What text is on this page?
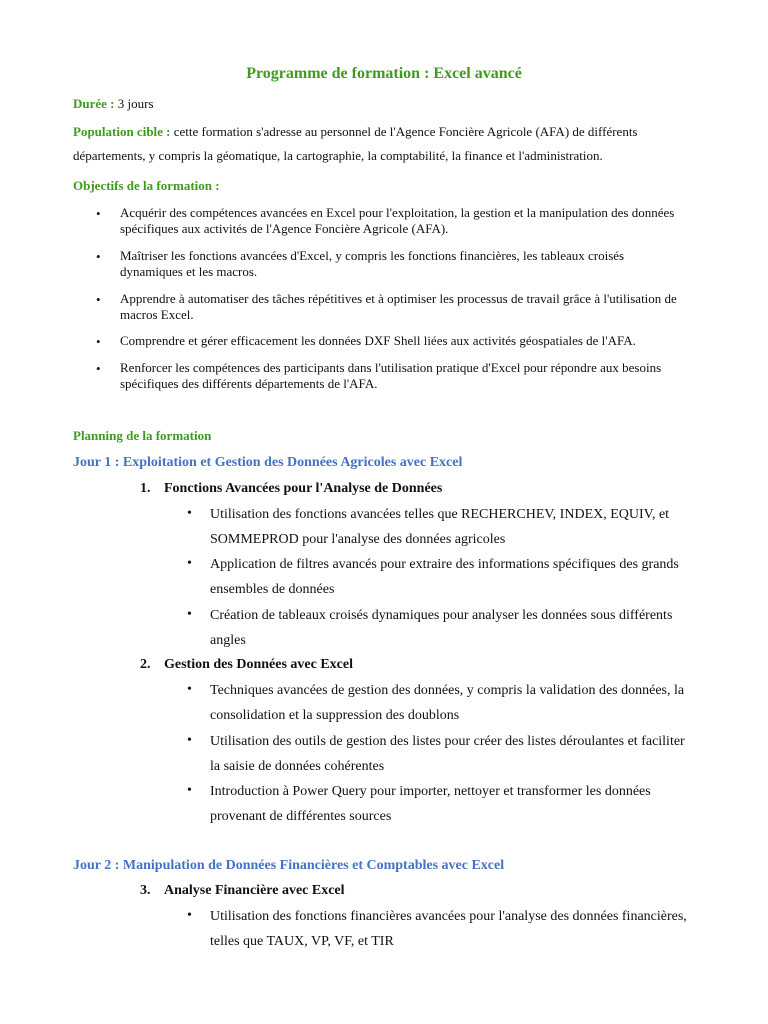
Programme de formation : Excel avancé
Durée : 3 jours
Population cible : cette formation s'adresse au personnel de l'Agence Foncière Agricole (AFA) de différents départements, y compris la géomatique, la cartographie, la comptabilité, la finance et l'administration.
Objectifs de la formation :
• Acquérir des compétences avancées en Excel pour l'exploitation, la gestion et la manipulation des données spécifiques aux activités de l'Agence Foncière Agricole (AFA).
• Maîtriser les fonctions avancées d'Excel, y compris les fonctions financières, les tableaux croisés dynamiques et les macros.
• Apprendre à automatiser des tâches répétitives et à optimiser les processus de travail grâce à l'utilisation de macros Excel.
• Comprendre et gérer efficacement les données DXF Shell liées aux activités géospatiales de l'AFA.
• Renforcer les compétences des participants dans l'utilisation pratique d'Excel pour répondre aux besoins spécifiques des différents départements de l'AFA.
Planning de la formation
Jour 1 : Exploitation et Gestion des Données Agricoles avec Excel
1. Fonctions Avancées pour l'Analyse de Données
• Utilisation des fonctions avancées telles que RECHERCHEV, INDEX, EQUIV, et SOMMEPROD pour l'analyse des données agricoles
• Application de filtres avancés pour extraire des informations spécifiques des grands ensembles de données
• Création de tableaux croisés dynamiques pour analyser les données sous différents angles
2. Gestion des Données avec Excel
• Techniques avancées de gestion des données, y compris la validation des données, la consolidation et la suppression des doublons
• Utilisation des outils de gestion des listes pour créer des listes déroulantes et faciliter la saisie de données cohérentes
• Introduction à Power Query pour importer, nettoyer et transformer les données provenant de différentes sources
Jour 2 : Manipulation de Données Financières et Comptables avec Excel
3. Analyse Financière avec Excel
• Utilisation des fonctions financières avancées pour l'analyse des données financières, telles que TAUX, VP, VF, et TIR
